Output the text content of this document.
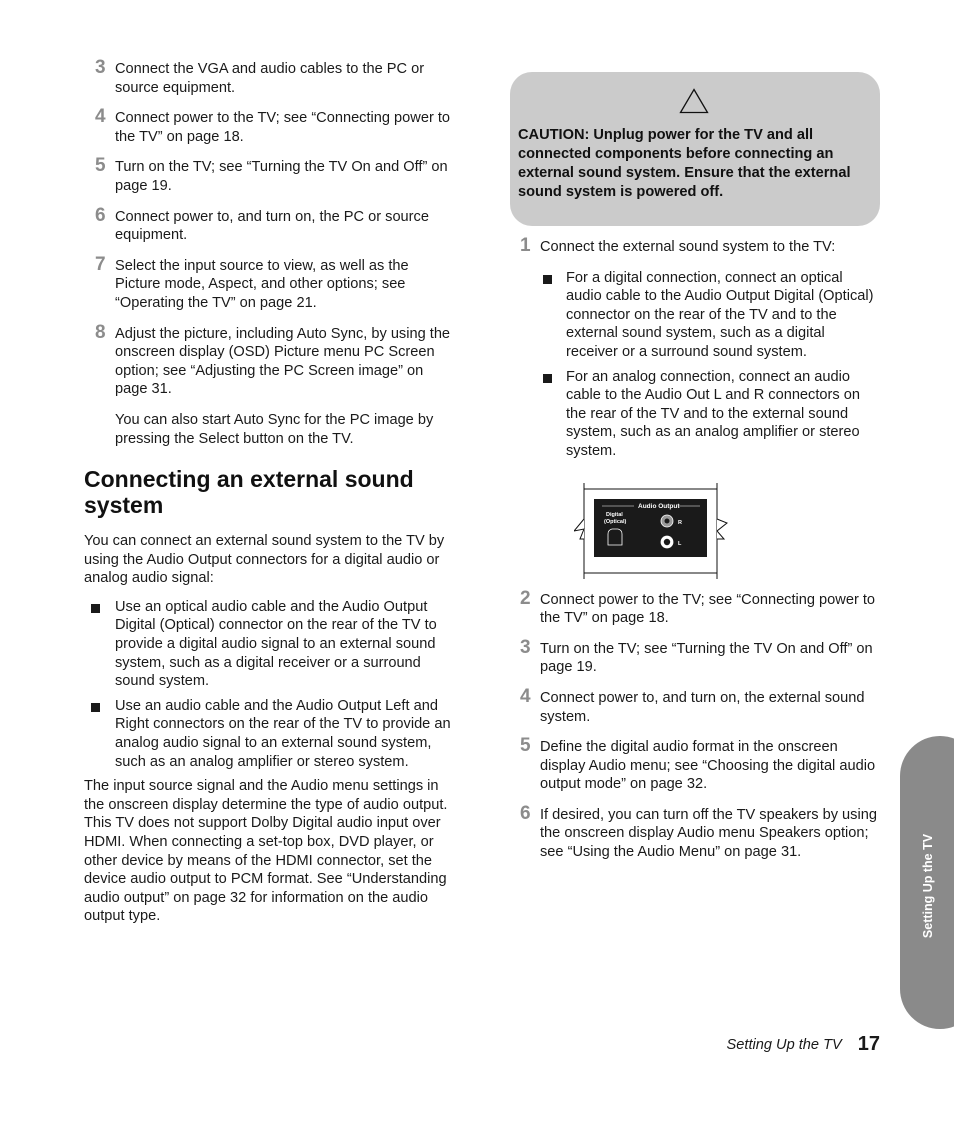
3 Connect the VGA and audio cables to the PC or source equipment.
4 Connect power to the TV; see “Connecting power to the TV” on page 18.
5 Turn on the TV; see “Turning the TV On and Off” on page 19.
6 Connect power to, and turn on, the PC or source equipment.
7 Select the input source to view, as well as the Picture mode, Aspect, and other options; see “Operating the TV” on page 21.
8 Adjust the picture, including Auto Sync, by using the onscreen display (OSD) Picture menu PC Screen option; see “Adjusting the PC Screen image” on page 31.
You can also start Auto Sync for the PC image by pressing the Select button on the TV.
Connecting an external sound system

You can connect an external sound system to the TV by using the Audio Output connectors for a digital audio or analog audio signal:

Use an optical audio cable and the Audio Output Digital (Optical) connector on the rear of the TV to provide a digital audio signal to an external sound system, such as a digital receiver or a surround sound system.
Use an audio cable and the Audio Output Left and Right connectors on the rear of the TV to provide an analog audio signal to an external sound system, such as an analog amplifier or stereo system.

The input source signal and the Audio menu settings in the onscreen display determine the type of audio output. This TV does not support Dolby Digital audio input over HDMI. When connecting a set-top box, DVD player, or other device by means of the HDMI connector, set the device audio output to PCM format. See “Understanding audio output” on page 32 for information on the audio output type.

CAUTION: Unplug power for the TV and all connected components before connecting an external sound system. Ensure that the external sound system is powered off.
1 Connect the external sound system to the TV:
For a digital connection, connect an optical audio cable to the Audio Output Digital (Optical) connector on the rear of the TV and to the external sound system, such as a digital receiver or a surround sound system.
For an analog connection, connect an audio cable to the Audio Out L and R connectors on the rear of the TV and to the external sound system, such as an analog amplifier or stereo system.
Audio Output
Digital
(Optical)	R
L
2 Connect power to the TV; see “Connecting power to the TV” on page 18.
3 Turn on the TV; see “Turning the TV On and Off” on page 19.
4 Connect power to, and turn on, the external sound system.
5 Define the digital audio format in the onscreen display Audio menu; see “Choosing the digital audio output mode” on page 32.
6 If desired, you can turn off the TV speakers by using the onscreen display Audio menu Speakers option; see “Using the Audio Menu” on page 31.	Setting Up the TV
Setting Up the TV 17
